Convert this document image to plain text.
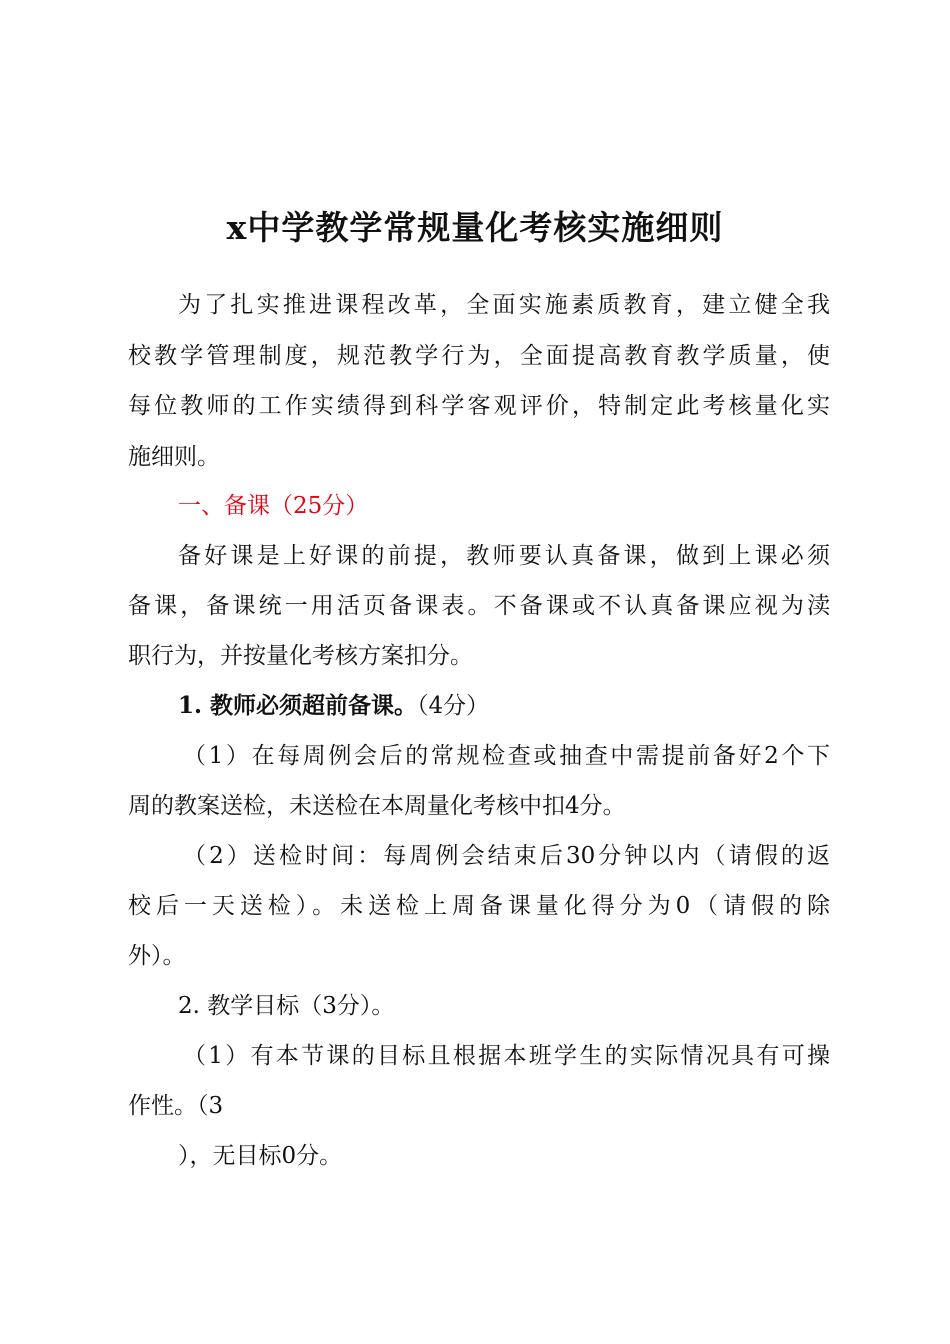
x中学教学常规量化考核实施细则
为了扎实推进课程改革，全面实施素质教育，建立健全我
校教学管理制度，规范教学行为，全面提高教育教学质量，使
每位教师的工作实绩得到科学客观评价，特制定此考核量化实
施细则。
一、备课（25分）
备好课是上好课的前提，教师要认真备课，做到上课必须
备课，备课统一用活页备课表。不备课或不认真备课应视为渎
职行为，并按量化考核方案扣分。
1. 教师必须超前备课。（4分）
（1）在每周例会后的常规检查或抽查中需提前备好2个下
周的教案送检，未送检在本周量化考核中扣4分。
（2）送检时间：每周例会结束后30分钟以内（请假的返
校后一天送检）。未送检上周备课量化得分为0（请假的除
外）。
2. 教学目标（3分）。
（1）有本节课的目标且根据本班学生的实际情况具有可操
作性。（3
），无目标0分。
